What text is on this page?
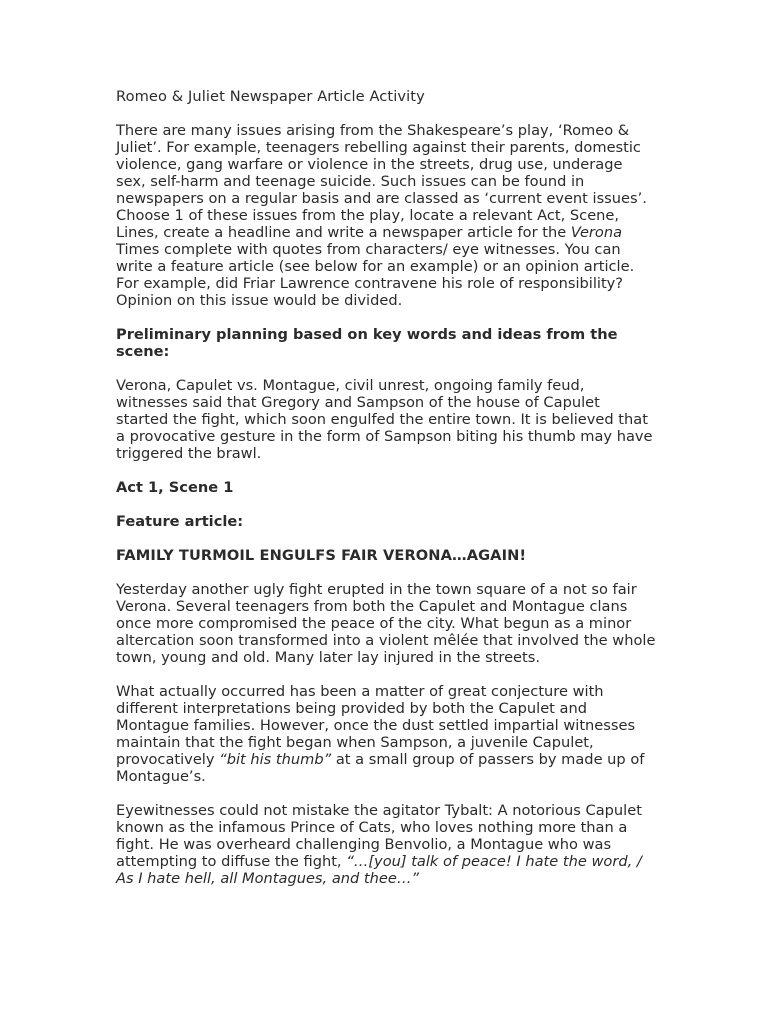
Romeo & Juliet Newspaper Article Activity

There are many issues arising from the Shakespeare’s play, ‘Romeo & Juliet’. For example, teenagers rebelling against their parents, domestic violence, gang warfare or violence in the streets, drug use, underage sex, self-harm and teenage suicide. Such issues can be found in newspapers on a regular basis and are classed as ‘current event issues’. Choose 1 of these issues from the play, locate a relevant Act, Scene, Lines, create a headline and write a newspaper article for the Verona Times complete with quotes from characters/ eye witnesses. You can write a feature article (see below for an example) or an opinion article. For example, did Friar Lawrence contravene his role of responsibility? Opinion on this issue would be divided.

Preliminary planning based on key words and ideas from the scene:

Verona, Capulet vs. Montague, civil unrest, ongoing family feud, witnesses said that Gregory and Sampson of the house of Capulet started the fight, which soon engulfed the entire town. It is believed that a provocative gesture in the form of Sampson biting his thumb may have triggered the brawl.

Act 1, Scene 1

Feature article:

FAMILY TURMOIL ENGULFS FAIR VERONA…AGAIN!

Yesterday another ugly fight erupted in the town square of a not so fair Verona. Several teenagers from both the Capulet and Montague clans once more compromised the peace of the city. What begun as a minor altercation soon transformed into a violent mêlée that involved the whole town, young and old. Many later lay injured in the streets.

What actually occurred has been a matter of great conjecture with different interpretations being provided by both the Capulet and Montague families. However, once the dust settled impartial witnesses maintain that the fight began when Sampson, a juvenile Capulet, provocatively “bit his thumb” at a small group of passers by made up of Montague’s.

Eyewitnesses could not mistake the agitator Tybalt: A notorious Capulet known as the infamous Prince of Cats, who loves nothing more than a fight. He was overheard challenging Benvolio, a Montague who was attempting to diffuse the fight, “…[you] talk of peace! I hate the word, / As I hate hell, all Montagues, and thee…”
